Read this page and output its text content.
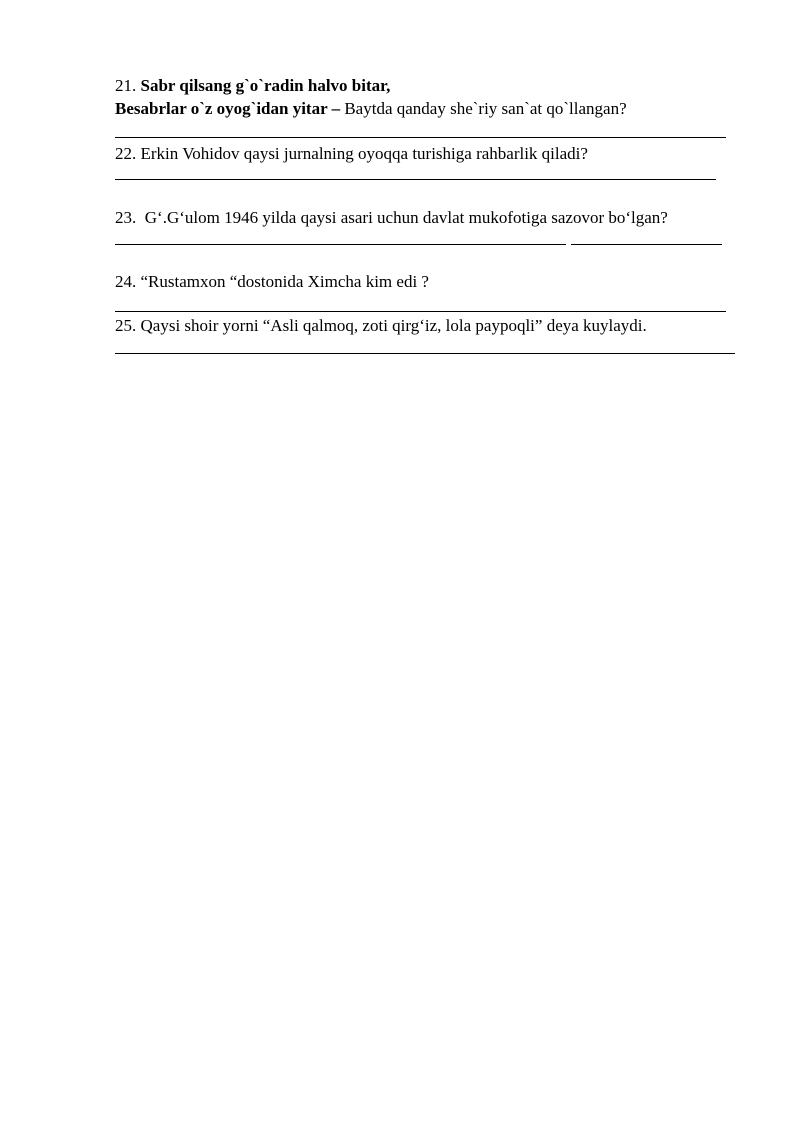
21. Sabr qilsang g`o`radin halvo bitar,
Besabrlar o`z oyog`idan yitar – Baytda qanday she`riy san`at qo`llangan?
22. Erkin Vohidov qaysi jurnalning oyoqqa turishiga rahbarlik qiladi?
23. G‘.G‘ulom 1946 yilda qaysi asari uchun davlat mukofotiga sazovor bo‘lgan?
24. “Rustamxon “dostonida Ximcha kim edi ?
25. Qaysi shoir yorni “Asli qalmoq, zoti qirg‘iz, lola paypoqli” deya kuylaydi.
